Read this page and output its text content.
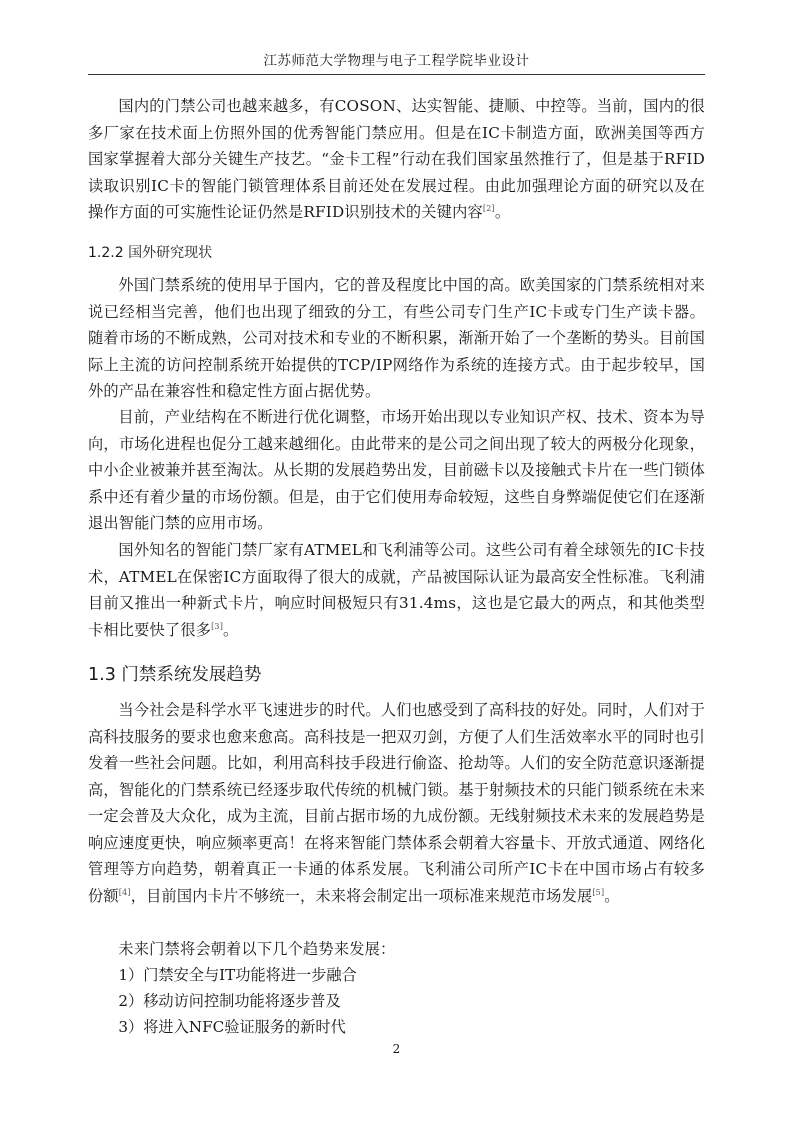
江苏师范大学物理与电子工程学院毕业设计

国内的门禁公司也越来越多，有COSON、达实智能、捷顺、中控等。当前，国内的很多厂家在技术面上仿照外国的优秀智能门禁应用。但是在IC卡制造方面，欧洲美国等西方国家掌握着大部分关键生产技艺。“金卡工程”行动在我们国家虽然推行了，但是基于RFID读取识别IC卡的智能门锁管理体系目前还处在发展过程。由此加强理论方面的研究以及在操作方面的可实施性论证仍然是RFID识别技术的关键内容[2]。

1.2.2 国外研究现状

外国门禁系统的使用早于国内，它的普及程度比中国的高。欧美国家的门禁系统相对来说已经相当完善，他们也出现了细致的分工，有些公司专门生产IC卡或专门生产读卡器。随着市场的不断成熟，公司对技术和专业的不断积累，渐渐开始了一个垄断的势头。目前国际上主流的访问控制系统开始提供的TCP/IP网络作为系统的连接方式。由于起步较早，国外的产品在兼容性和稳定性方面占据优势。

目前，产业结构在不断进行优化调整，市场开始出现以专业知识产权、技术、资本为导向，市场化进程也促分工越来越细化。由此带来的是公司之间出现了较大的两极分化现象，中小企业被兼并甚至淘汰。从长期的发展趋势出发，目前磁卡以及接触式卡片在一些门锁体系中还有着少量的市场份额。但是，由于它们使用寿命较短，这些自身弊端促使它们在逐渐退出智能门禁的应用市场。

国外知名的智能门禁厂家有ATMEL和飞利浦等公司。这些公司有着全球领先的IC卡技术，ATMEL在保密IC方面取得了很大的成就，产品被国际认证为最高安全性标准。飞利浦目前又推出一种新式卡片，响应时间极短只有31.4ms，这也是它最大的两点，和其他类型卡相比要快了很多[3]。

1.3 门禁系统发展趋势

当今社会是科学水平飞速进步的时代。人们也感受到了高科技的好处。同时，人们对于高科技服务的要求也愈来愈高。高科技是一把双刃剑，方便了人们生活效率水平的同时也引发着一些社会问题。比如，利用高科技手段进行偷盗、抢劫等。人们的安全防范意识逐渐提高，智能化的门禁系统已经逐步取代传统的机械门锁。基于射频技术的只能门锁系统在未来一定会普及大众化，成为主流，目前占据市场的九成份额。无线射频技术未来的发展趋势是响应速度更快，响应频率更高！在将来智能门禁体系会朝着大容量卡、开放式通道、网络化管理等方向趋势，朝着真正一卡通的体系发展。飞利浦公司所产IC卡在中国市场占有较多份额[4]，目前国内卡片不够统一，未来将会制定出一项标准来规范市场发展[5]。

未来门禁将会朝着以下几个趋势来发展：

1）门禁安全与IT功能将进一步融合

2）移动访问控制功能将逐步普及

3）将进入NFC验证服务的新时代

2
